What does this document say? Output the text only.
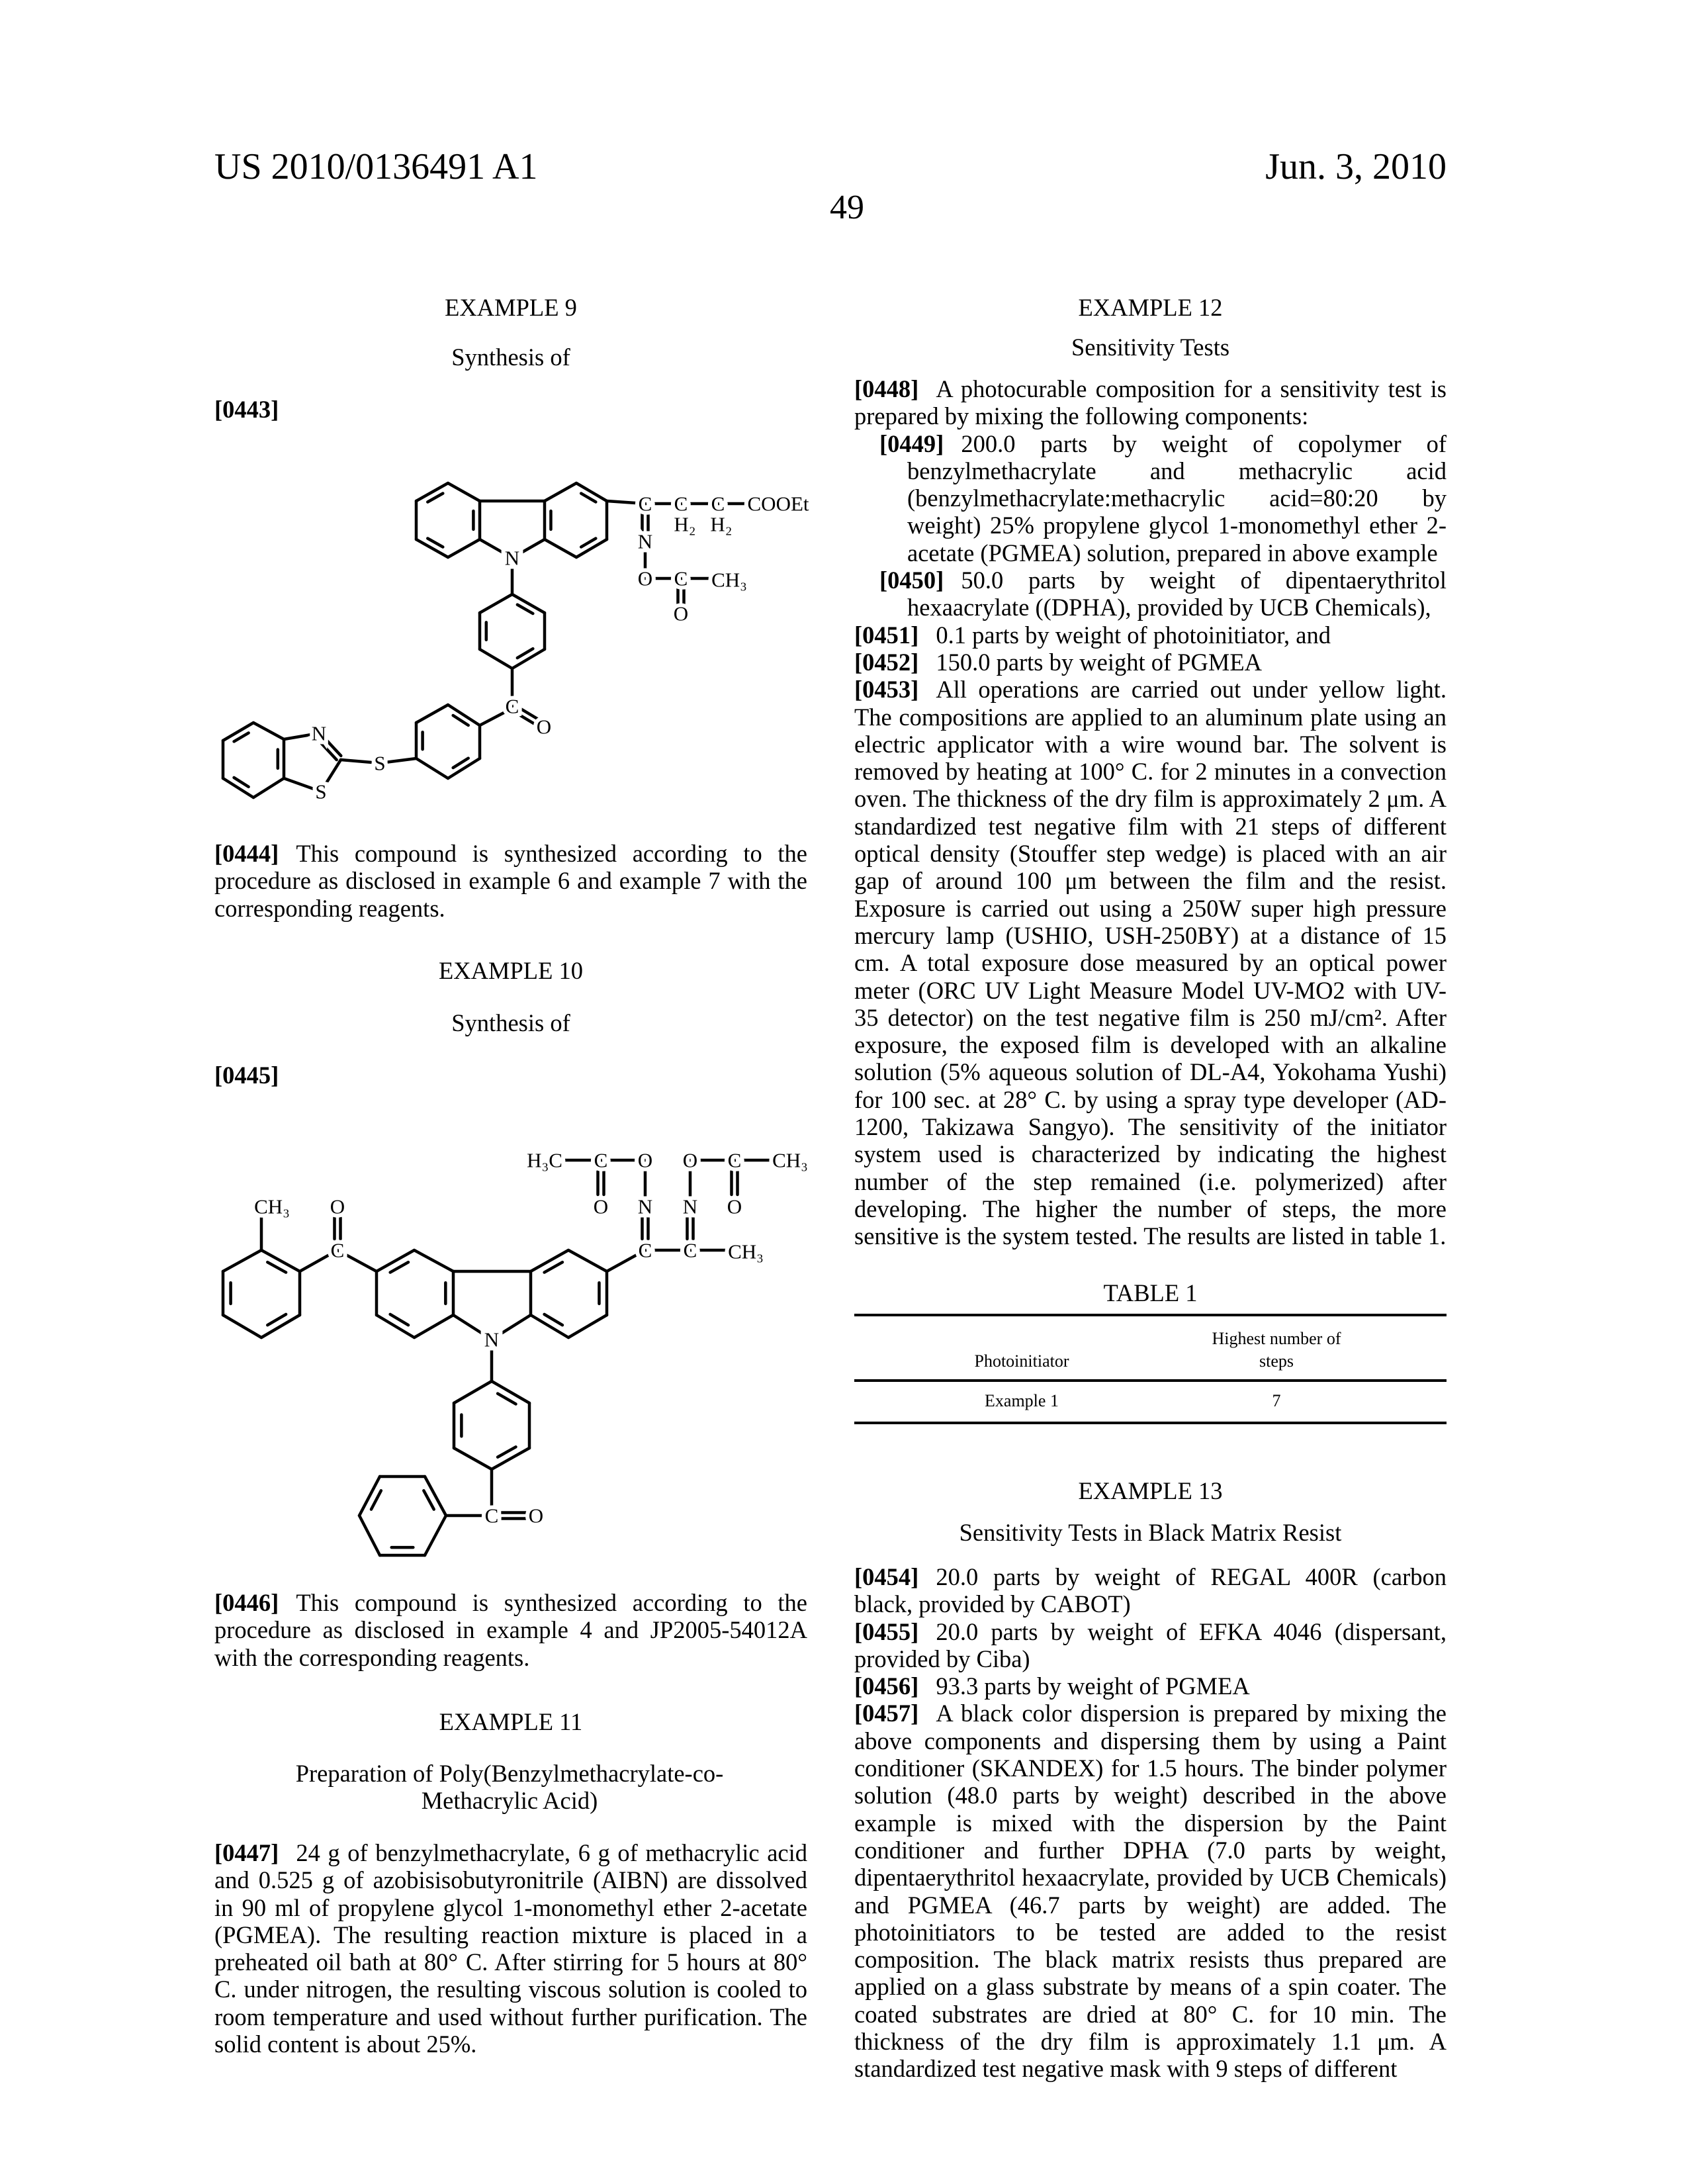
US 2010/0136491 A1	Jun. 3, 2010
49
EXAMPLE 9
Synthesis of
[0443]

[0444] This compound is synthesized according to the procedure as disclosed in example 6 and example 7 with the corresponding reagents.

EXAMPLE 10
Synthesis of
[0445]

[0446] This compound is synthesized according to the procedure as disclosed in example 4 and JP2005-54012A with the corresponding reagents.

EXAMPLE 11
Preparation of Poly(Benzylmethacrylate-co-Methacrylic Acid)

[0447] 24 g of benzylmethacrylate, 6 g of methacrylic acid and 0.525 g of azobisisobutyronitrile (AIBN) are dissolved in 90 ml of propylene glycol 1-monomethyl ether 2-acetate (PGMEA). The resulting reaction mixture is placed in a preheated oil bath at 80° C. After stirring for 5 hours at 80° C. under nitrogen, the resulting viscous solution is cooled to room temperature and used without further purification. The solid content is about 25%.

EXAMPLE 12
Sensitivity Tests

[0448] A photocurable composition for a sensitivity test is prepared by mixing the following components:

[0449] 200.0 parts by weight of copolymer of benzylmethacrylate and methacrylic acid (benzylmethacrylate:methacrylic acid=80:20 by weight) 25% propylene glycol 1-monomethyl ether 2-acetate (PGMEA) solution, prepared in above example

[0450] 50.0 parts by weight of dipentaerythritol hexaacrylate ((DPHA), provided by UCB Chemicals),

[0451] 0.1 parts by weight of photoinitiator, and

[0452] 150.0 parts by weight of PGMEA

[0453] All operations are carried out under yellow light. The compositions are applied to an aluminum plate using an electric applicator with a wire wound bar. The solvent is removed by heating at 100° C. for 2 minutes in a convection oven. The thickness of the dry film is approximately 2 μm. A standardized test negative film with 21 steps of different optical density (Stouffer step wedge) is placed with an air gap of around 100 μm between the film and the resist. Exposure is carried out using a 250W super high pressure mercury lamp (USHIO, USH-250BY) at a distance of 15 cm. A total exposure dose measured by an optical power meter (ORC UV Light Measure Model UV-MO2 with UV-35 detector) on the test negative film is 250 mJ/cm². After exposure, the exposed film is developed with an alkaline solution (5% aqueous solution of DL-A4, Yokohama Yushi) for 100 sec. at 28° C. by using a spray type developer (AD-1200, Takizawa Sangyo). The sensitivity of the initiator system used is characterized by indicating the highest number of the step remained (i.e. polymerized) after developing. The higher the number of steps, the more sensitive is the system tested. The results are listed in table 1.

TABLE 1
Photoinitiator
Highest number of steps
Example 1	7
EXAMPLE 13
Sensitivity Tests in Black Matrix Resist

[0454] 20.0 parts by weight of REGAL 400R (carbon black, provided by CABOT)

[0455] 20.0 parts by weight of EFKA 4046 (dispersant, provided by Ciba)

[0456] 93.3 parts by weight of PGMEA

[0457] A black color dispersion is prepared by mixing the above components and dispersing them by using a Paint conditioner (SKANDEX) for 1.5 hours. The binder polymer solution (48.0 parts by weight) described in the above example is mixed with the dispersion by the Paint conditioner and further DPHA (7.0 parts by weight, dipentaerythritol hexaacrylate, provided by UCB Chemicals) and PGMEA (46.7 parts by weight) are added. The photoinitiators to be tested are added to the resist composition. The black matrix resists thus prepared are applied on a glass substrate by means of a spin coater. The coated substrates are dried at 80° C. for 10 min. The thickness of the dry film is approximately 1.1 μm. A standardized test negative mask with 9 steps of different

N
C C
H₂
C
H₂
COOEt
N
O C CH₃
O
C
O
S
N
S
CH₃
C
O
N
C C CH₃
N N
O O
C
H₃C
O
C CH₃
O
C O
